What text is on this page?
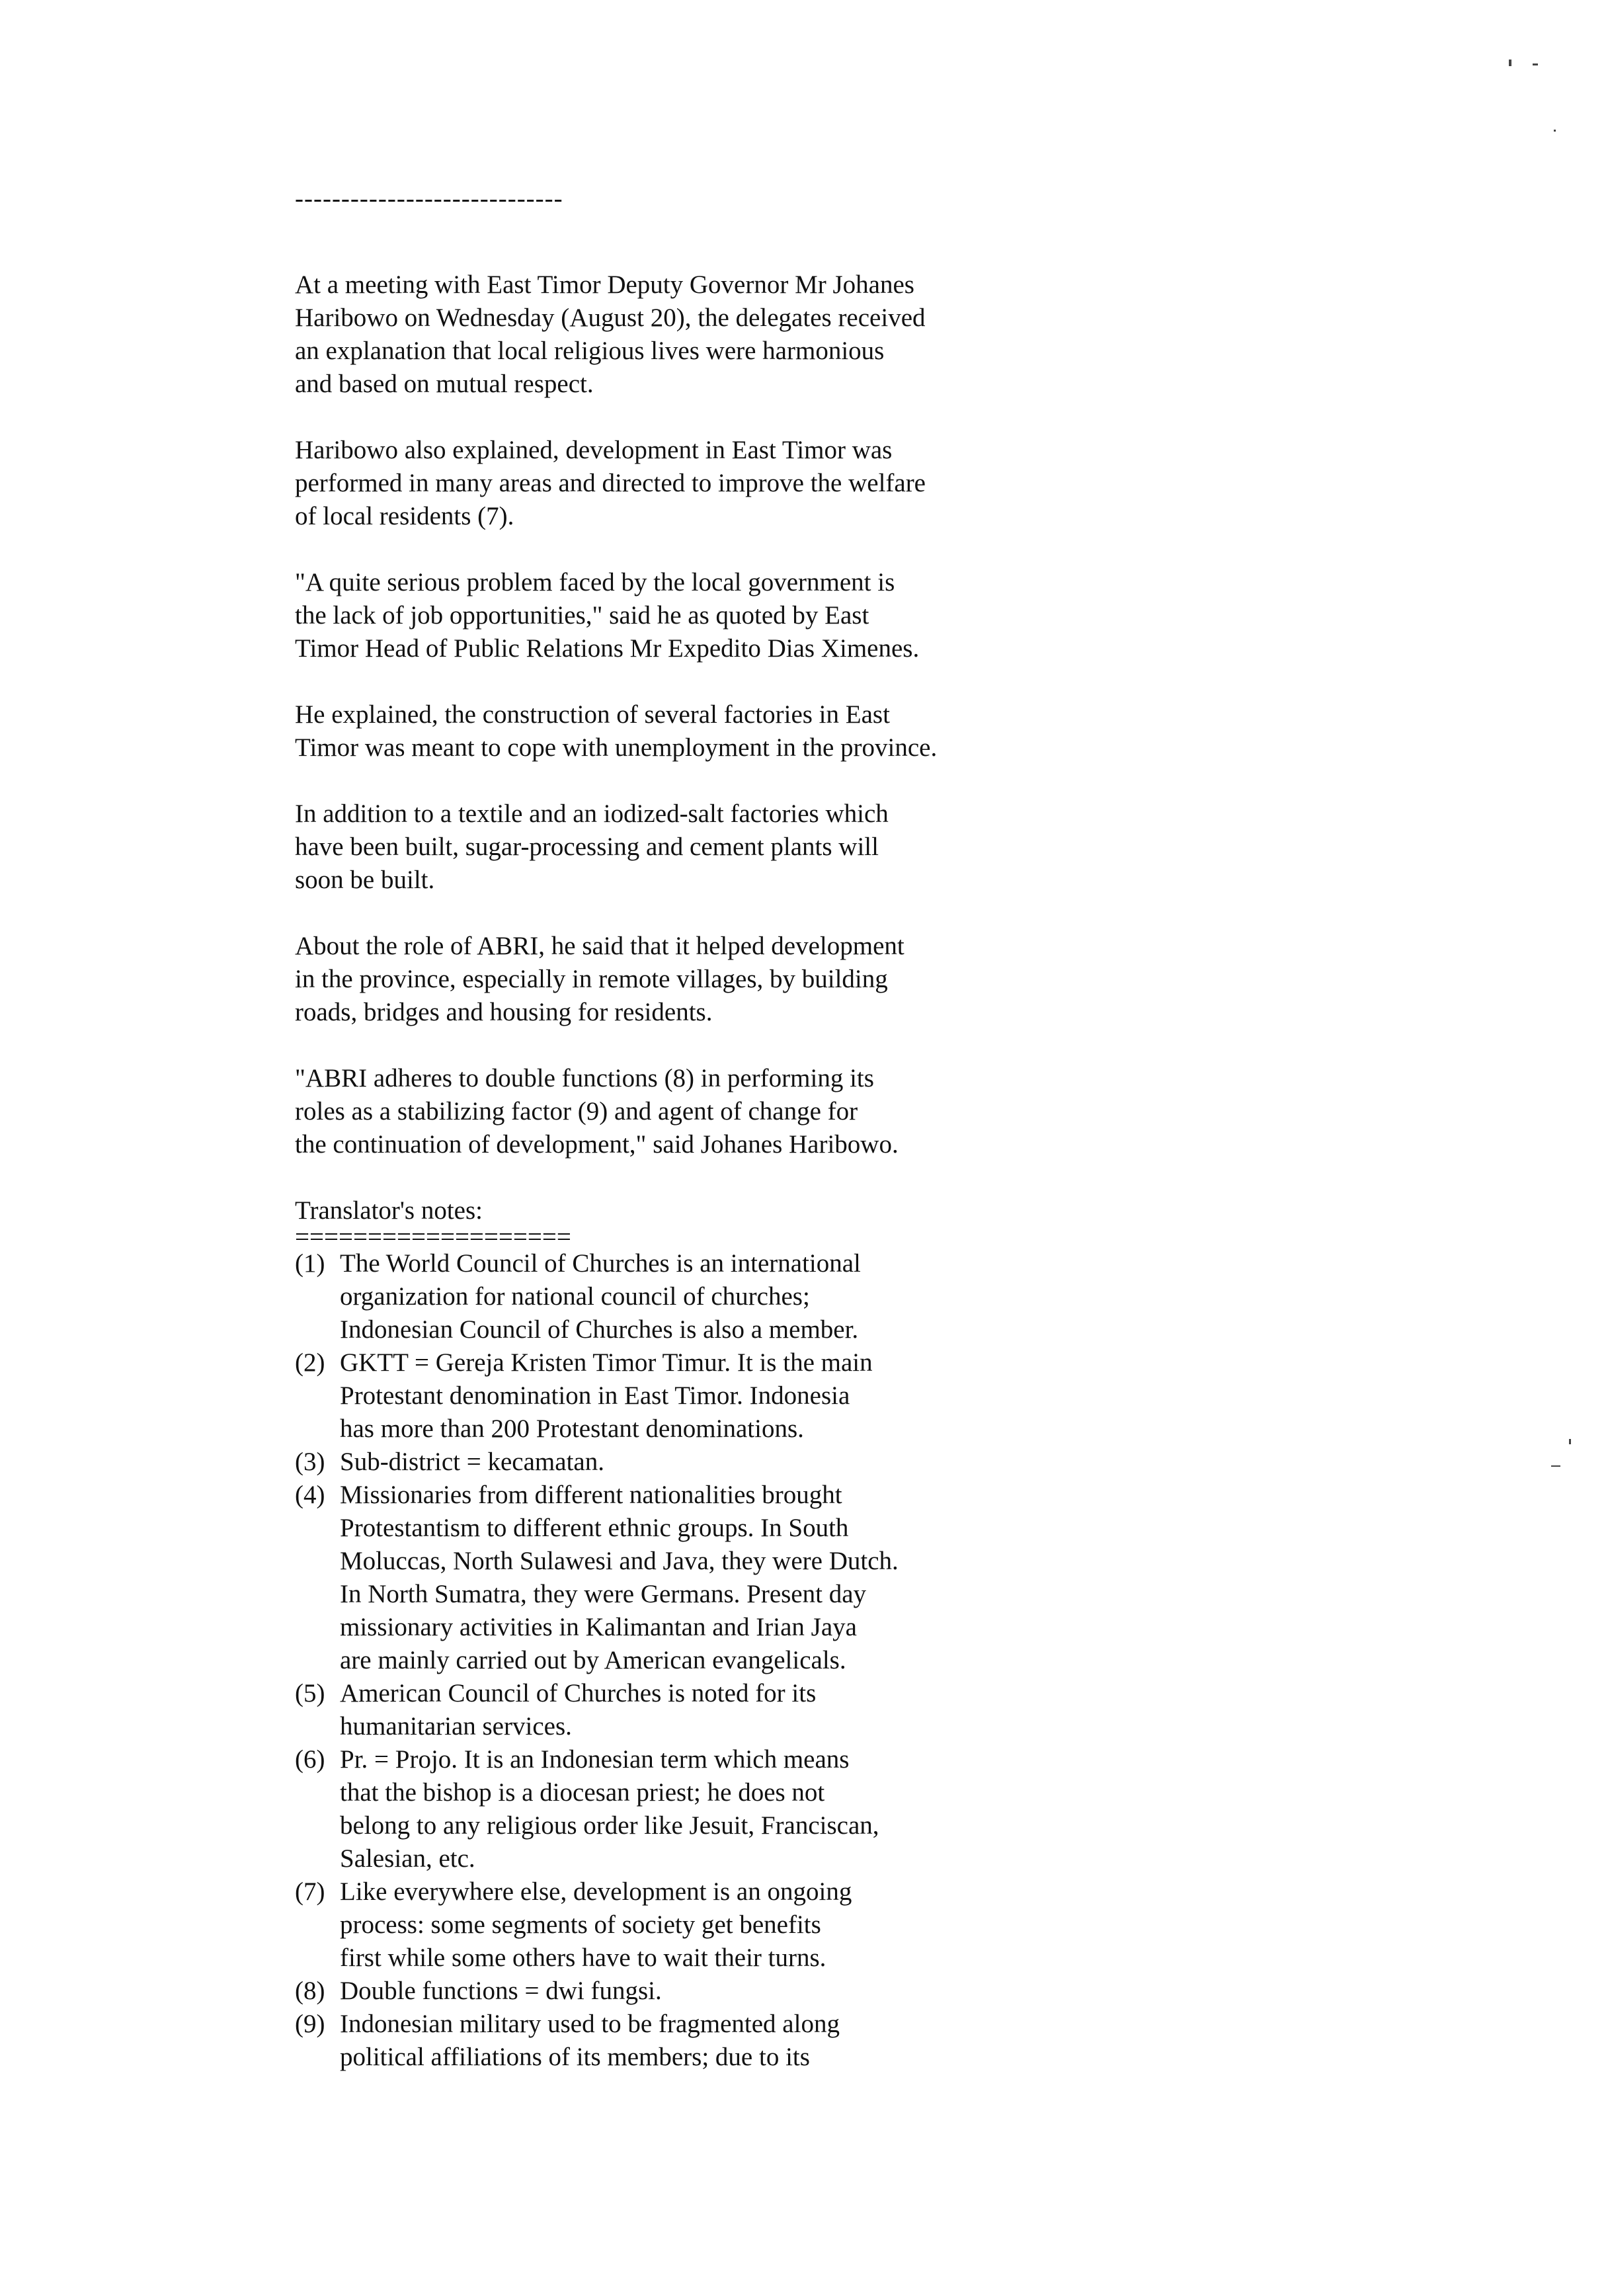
-----------------------------

At a meeting with East Timor Deputy Governor Mr Johanes
Haribowo on Wednesday (August 20), the delegates received
an explanation that local religious lives were harmonious
and based on mutual respect.

Haribowo also explained, development in East Timor was
performed in many areas and directed to improve the welfare
of local residents (7).

"A quite serious problem faced by the local government is
the lack of job opportunities," said he as quoted by East
Timor Head of Public Relations Mr Expedito Dias Ximenes.

He explained, the construction of several factories in East
Timor was meant to cope with unemployment in the province.

In addition to a textile and an iodized-salt factories which
have been built, sugar-processing and cement plants will
soon be built.

About the role of ABRI, he said that it helped development
in the province, especially in remote villages, by building
roads, bridges and housing for residents.

"ABRI adheres to double functions (8) in performing its
roles as a stabilizing factor (9) and agent of change for
the continuation of development," said Johanes Haribowo.

Translator's notes:
===================
(1) The World Council of Churches is an international
organization for national council of churches;
Indonesian Council of Churches is also a member.
(2) GKTT = Gereja Kristen Timor Timur. It is the main
Protestant denomination in East Timor. Indonesia
has more than 200 Protestant denominations.
(3) Sub-district = kecamatan.
(4) Missionaries from different nationalities brought
Protestantism to different ethnic groups. In South
Moluccas, North Sulawesi and Java, they were Dutch.
In North Sumatra, they were Germans. Present day
missionary activities in Kalimantan and Irian Jaya
are mainly carried out by American evangelicals.
(5) American Council of Churches is noted for its
humanitarian services.
(6) Pr. = Projo. It is an Indonesian term which means
that the bishop is a diocesan priest; he does not
belong to any religious order like Jesuit, Franciscan,
Salesian, etc.
(7) Like everywhere else, development is an ongoing
process: some segments of society get benefits
first while some others have to wait their turns.
(8) Double functions = dwi fungsi.
(9) Indonesian military used to be fragmented along
political affiliations of its members; due to its
